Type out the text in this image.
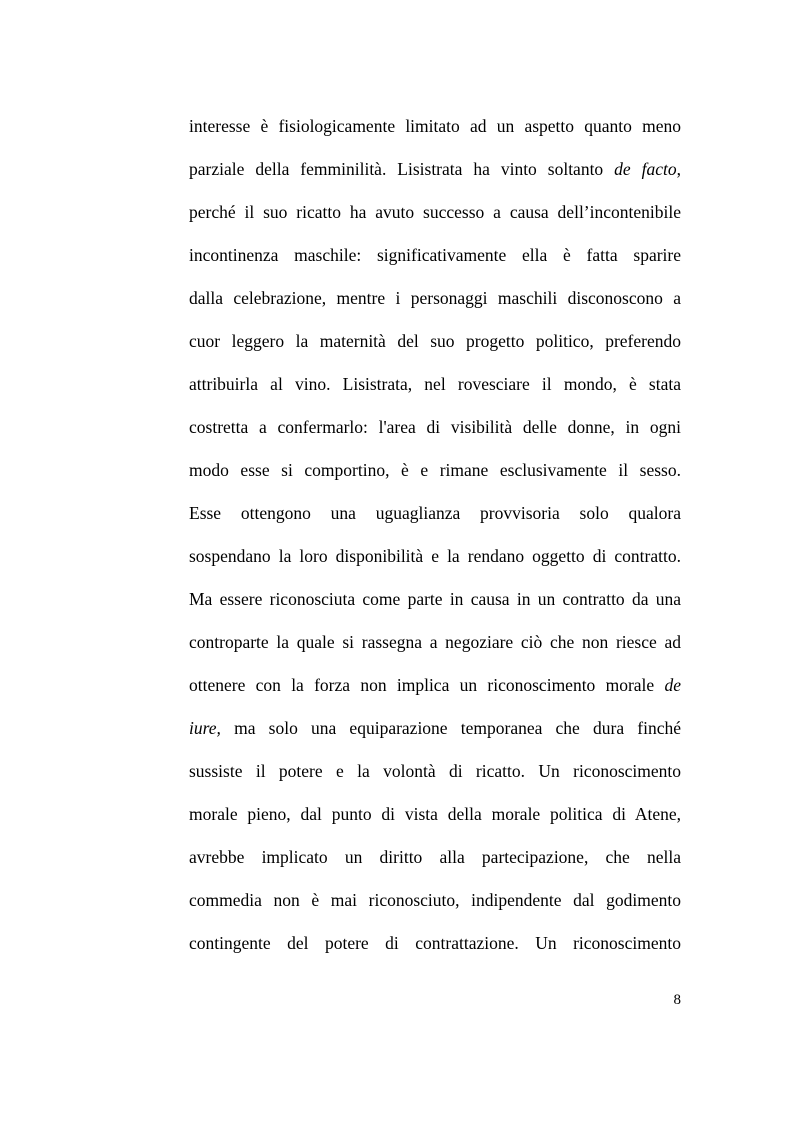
interesse è fisiologicamente limitato ad un aspetto quanto meno
parziale della femminilità. Lisistrata ha vinto soltanto de facto,
perché il suo ricatto ha avuto successo a causa dell’incontenibile
incontinenza maschile: significativamente ella è fatta sparire
dalla celebrazione, mentre i personaggi maschili disconoscono a
cuor leggero la maternità del suo progetto politico, preferendo
attribuirla al vino. Lisistrata, nel rovesciare il mondo, è stata
costretta a confermarlo: l'area di visibilità delle donne, in ogni
modo esse si comportino, è e rimane esclusivamente il sesso.
Esse ottengono una uguaglianza provvisoria solo qualora
sospendano la loro disponibilità e la rendano oggetto di contratto.
Ma essere riconosciuta come parte in causa in un contratto da una
controparte la quale si rassegna a negoziare ciò che non riesce ad
ottenere con la forza non implica un riconoscimento morale de
iure, ma solo una equiparazione temporanea che dura finché
sussiste il potere e la volontà di ricatto. Un riconoscimento
morale pieno, dal punto di vista della morale politica di Atene,
avrebbe implicato un diritto alla partecipazione, che nella
commedia non è mai riconosciuto, indipendente dal godimento
contingente del potere di contrattazione. Un riconoscimento
8
